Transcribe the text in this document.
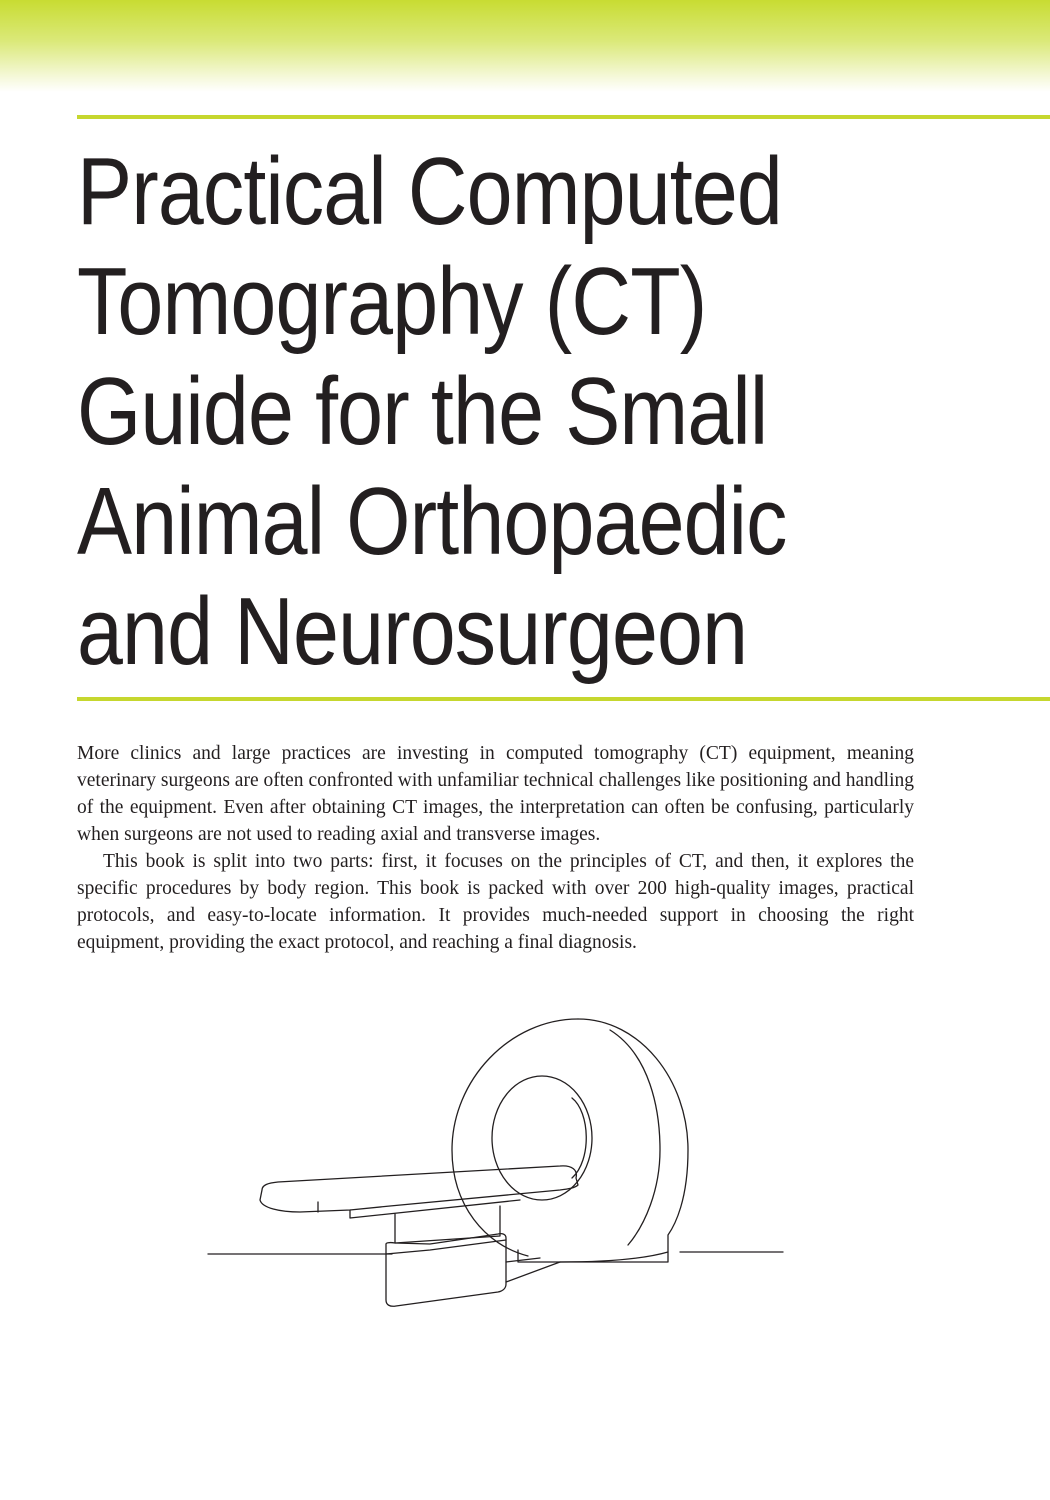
Practical Computed
Tomography (CT)
Guide for the Small
Animal Orthopaedic
and Neurosurgeon

More clinics and large practices are investing in computed tomography (CT) equipment, meaning veterinary surgeons are often confronted with unfamiliar technical challenges like positioning and handling of the equipment. Even after obtaining CT images, the interpretation can often be confusing, particularly when surgeons are not used to reading axial and transverse images.

This book is split into two parts: first, it focuses on the principles of CT, and then, it explores the specific procedures by body region. This book is packed with over 200 high-quality images, practical protocols, and easy-to-locate information. It provides much-needed support in choosing the right equipment, providing the exact protocol, and reaching a final diagnosis.
